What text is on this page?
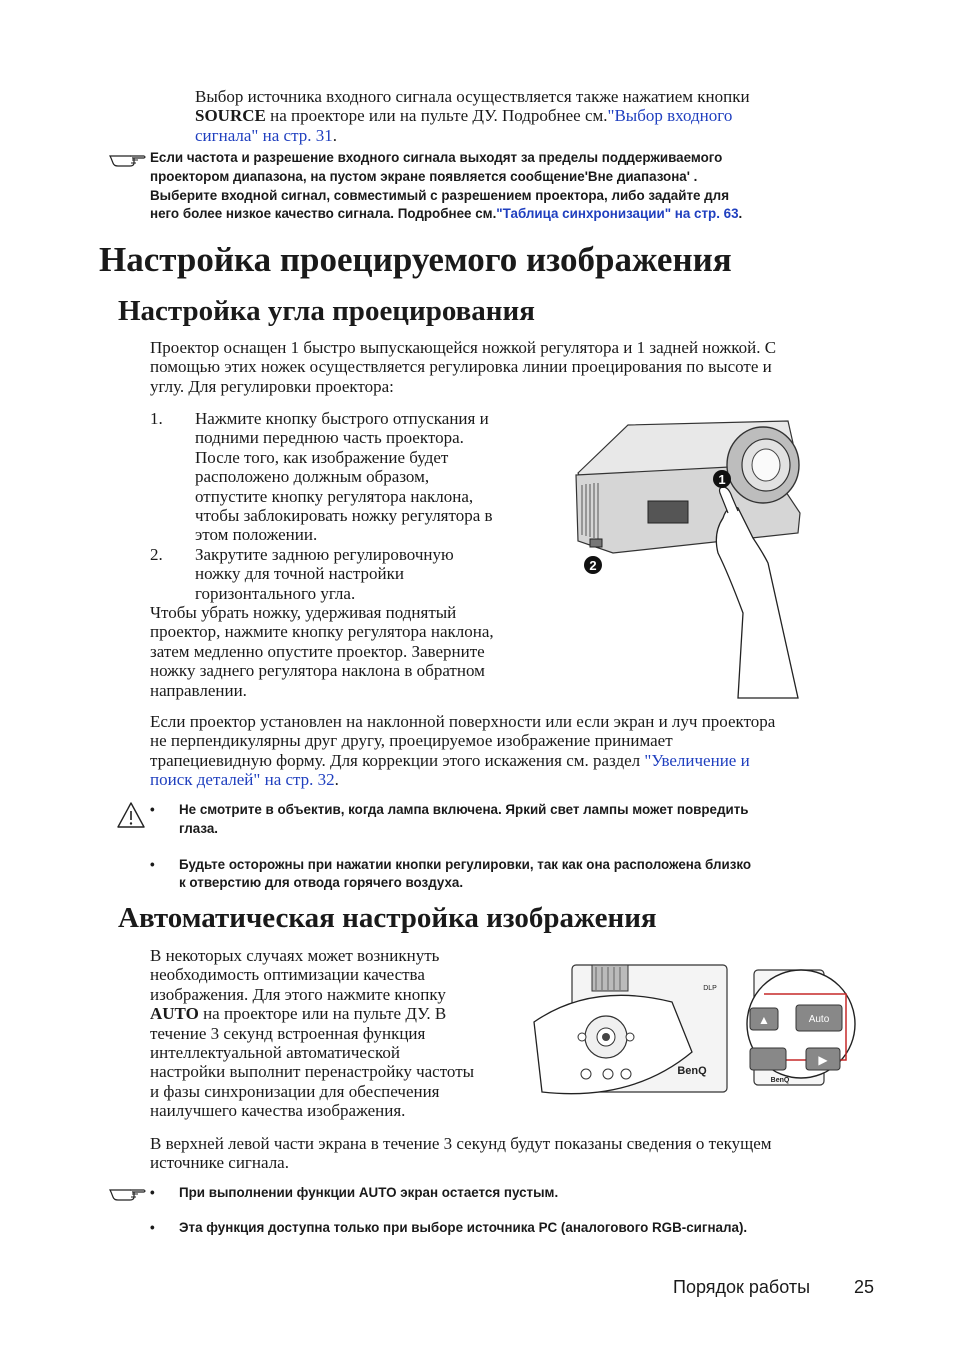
Выбор источника входного сигнала осуществляется также нажатием кнопки

SOURCE на проекторе или на пульте ДУ. Подробнее см."Выбор входного

сигнала" на стр. 31.

Если частота и разрешение входного сигнала выходят за пределы поддерживаемого

проектором диапазона, на пустом экране появляется сообщение'Вне диапазона' .

Выберите входной сигнал, совместимый с разрешением проектора, либо задайте для

него более низкое качество сигнала. Подробнее см."Таблица синхронизации" на стр. 63.

Настройка проецируемого изображения
Настройка угла проецирования

Проектор оснащен 1 быстро выпускающейся ножкой регулятора и 1 задней ножкой. С

помощью этих ножек осуществляется регулировка линии проецирования по высоте и

углу. Для регулировки проектора:

1. Нажмите кнопку быстрого отпускания и

подними переднюю часть проектора.

После того, как изображение будет

расположено должным образом,

отпустите кнопку регулятора наклона,

чтобы заблокировать ножку регулятора в

этом положении.

2. Закрутите заднюю регулировочную

ножку для точной настройки

горизонтального угла.

Чтобы убрать ножку, удерживая поднятый

проектор, нажмите кнопку регулятора наклона,

затем медленно опустите проектор. Заверните

ножку заднего регулятора наклона в обратном

направлении.

1
2

Если проектор установлен на наклонной поверхности или если экран и луч проектора

не перпендикулярны друг другу, проецируемое изображение принимает

трапециевидную форму. Для коррекции этого искажения см. раздел "Увеличение и

поиск деталей" на стр. 32.

• Не смотрите в объектив, когда лампа включена. Яркий свет лампы может повредить

глаза.

• Будьте осторожны при нажатии кнопки регулировки, так как она расположена близко

к отверстию для отвода горячего воздуха.

Автоматическая настройка изображения

В некоторых случаях может возникнуть

необходимость оптимизации качества

изображения. Для этого нажмите кнопку

AUTO на проекторе или на пульте ДУ. В

течение 3 секунд встроенная функция

интеллектуальной автоматической

настройки выполнит перенастройку частоты

и фазы синхронизации для обеспечения

наилучшего качества изображения.

DLP
BenQ
▲	Auto
▶
BenQ

В верхней левой части экрана в течение 3 секунд будут показаны сведения о текущем

источнике сигнала.

• При выполнении функции AUTO экран остается пустым.

• Эта функция доступна только при выборе источника PC (аналогового RGB-сигнала).

Порядок работы 25
